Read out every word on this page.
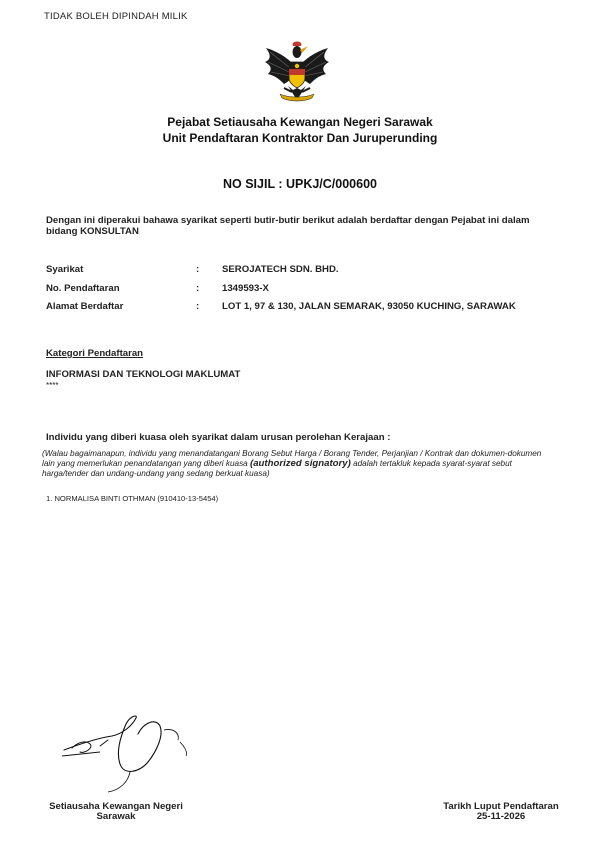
TIDAK BOLEH DIPINDAH MILIK
Pejabat Setiausaha Kewangan Negeri Sarawak
Unit Pendaftaran Kontraktor Dan Juruperunding
NO SIJIL : UPKJ/C/000600
Dengan ini diperakui bahawa syarikat seperti butir-butir berikut adalah berdaftar dengan Pejabat ini dalam bidang KONSULTAN
Syarikat	:	SEROJATECH SDN. BHD.
No. Pendaftaran	:	1349593-X
Alamat Berdaftar	:	LOT 1, 97 & 130, JALAN SEMARAK, 93050 KUCHING, SARAWAK
Kategori Pendaftaran
INFORMASI DAN TEKNOLOGI MAKLUMAT
****
Individu yang diberi kuasa oleh syarikat dalam urusan perolehan Kerajaan :
(Walau bagaimanapun, individu yang menandatangani Borang Sebut Harga / Borang Tender, Perjanjian / Kontrak dan dokumen-dokumen lain yang memerlukan penandatangan yang diberi kuasa (authorized signatory) adalah tertakluk kepada syarat-syarat sebut harga/tender dan undang-undang yang sedang berkuat kuasa)
1. NORMALISA BINTI OTHMAN (910410-13-5454)
Setiausaha Kewangan Negeri
Sarawak
Tarikh Luput Pendaftaran
25-11-2026
